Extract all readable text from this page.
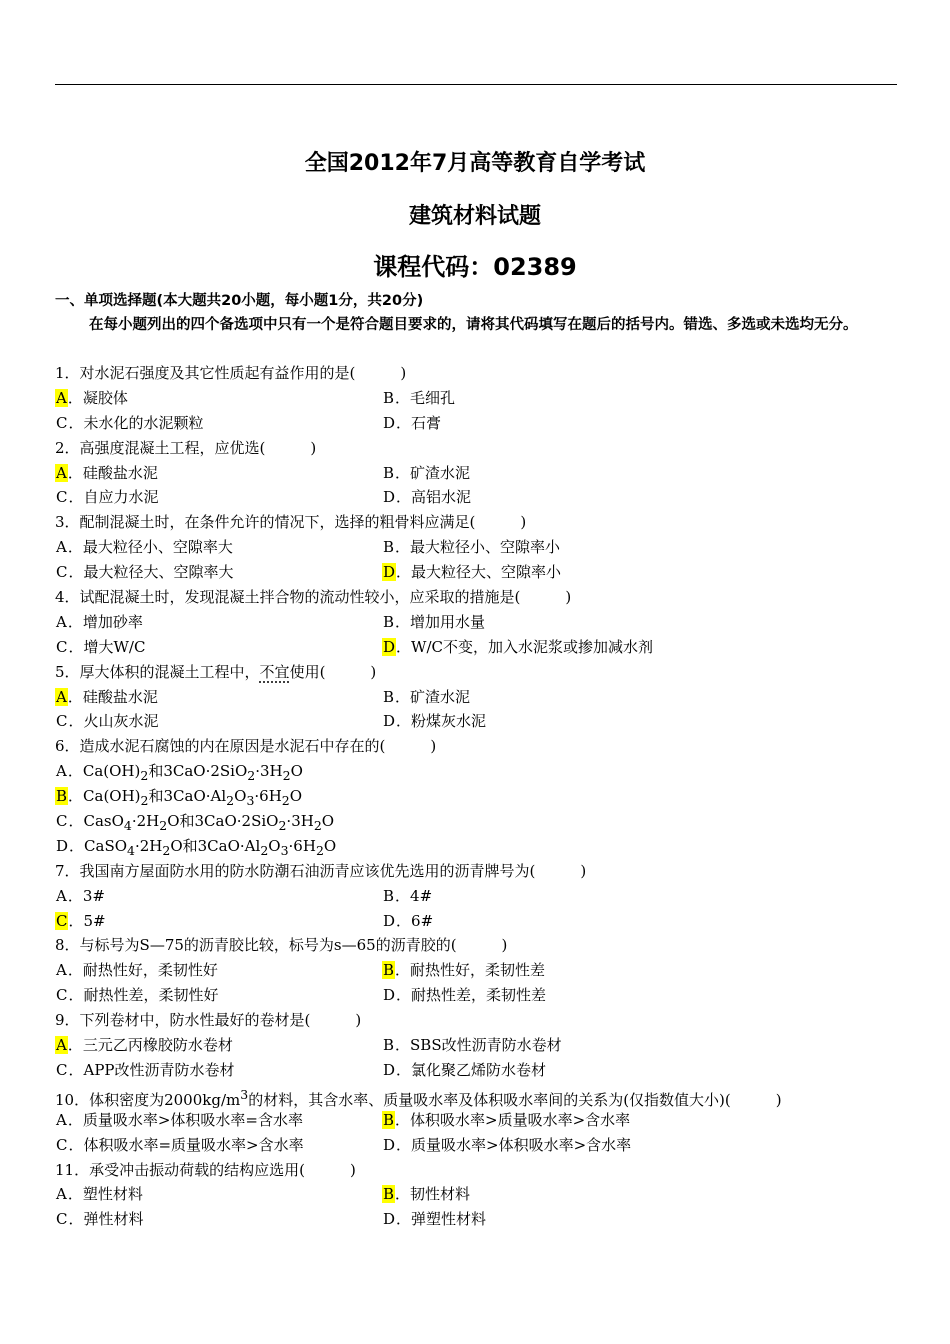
全国2012年7月高等教育自学考试
建筑材料试题
课程代码：02389
一、单项选择题(本大题共20小题，每小题1分，共20分)
在每小题列出的四个备选项中只有一个是符合题目要求的，请将其代码填写在题后的括号内。错选、多选或未选均无分。
1．对水泥石强度及其它性质起有益作用的是(　　　)
A．凝胶体	B．毛细孔
C．未水化的水泥颗粒	D．石膏
2．高强度混凝土工程，应优选(　　　)
A．硅酸盐水泥	B．矿渣水泥
C．自应力水泥	D．高铝水泥
3．配制混凝土时，在条件允许的情况下，选择的粗骨料应满足(　　　)
A．最大粒径小、空隙率大	B．最大粒径小、空隙率小
C．最大粒径大、空隙率大	D．最大粒径大、空隙率小
4．试配混凝土时，发现混凝土拌合物的流动性较小，应采取的措施是(　　　)
A．增加砂率	B．增加用水量
C．增大W/C	D．W/C不变，加入水泥浆或掺加减水剂
5．厚大体积的混凝土工程中，不宜使用(　　　)
A．硅酸盐水泥	B．矿渣水泥
C．火山灰水泥	D．粉煤灰水泥
6．造成水泥石腐蚀的内在原因是水泥石中存在的(　　　)
A．$Ca(OH)_2$和$3CaO\cdot 2SiO_2\cdot 3H_2O$
B．$Ca(OH)_2$和$3CaO\cdot Al_2O_3\cdot 6H_2O$
C．$CasO_4\cdot 2H_2O$和$3CaO\cdot 2SiO_2\cdot 3H_2O$
D．$CaSO_4\cdot 2H_2O$和$3CaO\cdot Al_2O_3\cdot 6H_2O$
7．我国南方屋面防水用的防水防潮石油沥青应该优先选用的沥青牌号为(　　　)
A．3#	B．4#
C．5#	D．6#
8．与标号为S—75的沥青胶比较，标号为s—65的沥青胶的(　　　)
A．耐热性好，柔韧性好	B．耐热性好，柔韧性差
C．耐热性差，柔韧性好	D．耐热性差，柔韧性差
9．下列卷材中，防水性最好的卷材是(　　　)
A．三元乙丙橡胶防水卷材	B．SBS改性沥青防水卷材
C．APP改性沥青防水卷材	D．氯化聚乙烯防水卷材
10．体积密度为$2000kg/m^3$的材料，其含水率、质量吸水率及体积吸水率间的关系为(仅指数值大小)(　　　)
A．质量吸水率>体积吸水率=含水率	B．体积吸水率>质量吸水率>含水率
C．体积吸水率=质量吸水率>含水率	D．质量吸水率>体积吸水率>含水率
11．承受冲击振动荷载的结构应选用(　　　)
A．塑性材料	B．韧性材料
C．弹性材料	D．弹塑性材料
